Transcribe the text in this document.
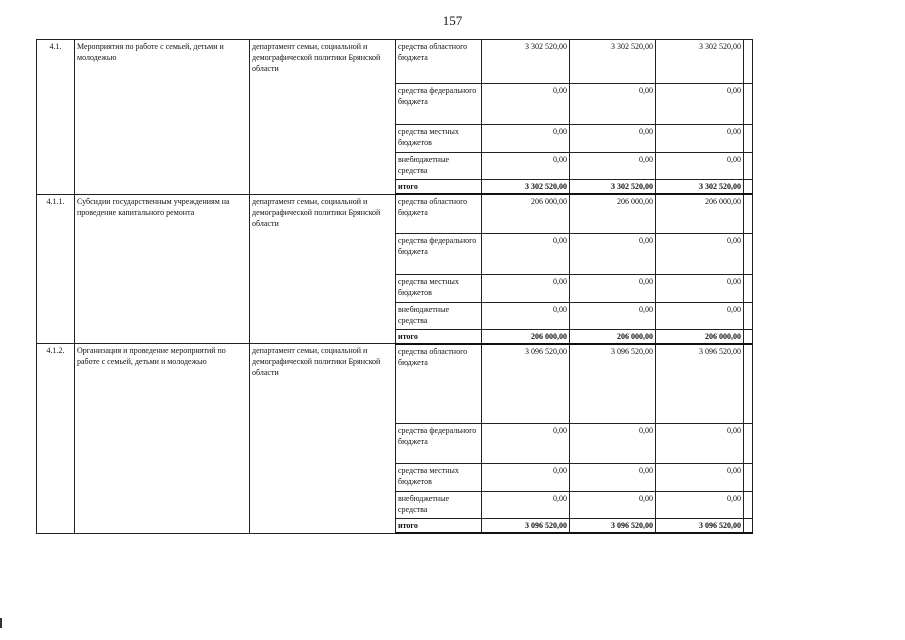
157
4.1.	Мероприятия по работе с семьей, детьми и молодежью	департамент семьи, социальной и демографической политики Брянской области	средства областного бюджета	3 302 520,00	3 302 520,00	3 302 520,00	
			средства федерального бюджета	0,00	0,00	0,00	
			средства местных бюджетов	0,00	0,00	0,00	
			внебюджетные средства	0,00	0,00	0,00	
			итого	3 302 520,00	3 302 520,00	3 302 520,00	
4.1.1.	Субсидии государственным учреждениям на проведение капитального ремонта	департамент семьи, социальной и демографической политики Брянской области	средства областного бюджета	206 000,00	206 000,00	206 000,00	
			средства федерального бюджета	0,00	0,00	0,00	
			средства местных бюджетов	0,00	0,00	0,00	
			внебюджетные средства	0,00	0,00	0,00	
			итого	206 000,00	206 000,00	206 000,00	
4.1.2.	Организация и проведение мероприятий по работе с семьей, детьми и молодежью	департамент семьи, социальной и демографической политики Брянской области	средства областного бюджета	3 096 520,00	3 096 520,00	3 096 520,00	
			средства федерального бюджета	0,00	0,00	0,00	
			средства местных бюджетов	0,00	0,00	0,00	
			внебюджетные средства	0,00	0,00	0,00	
			итого	3 096 520,00	3 096 520,00	3 096 520,00	
